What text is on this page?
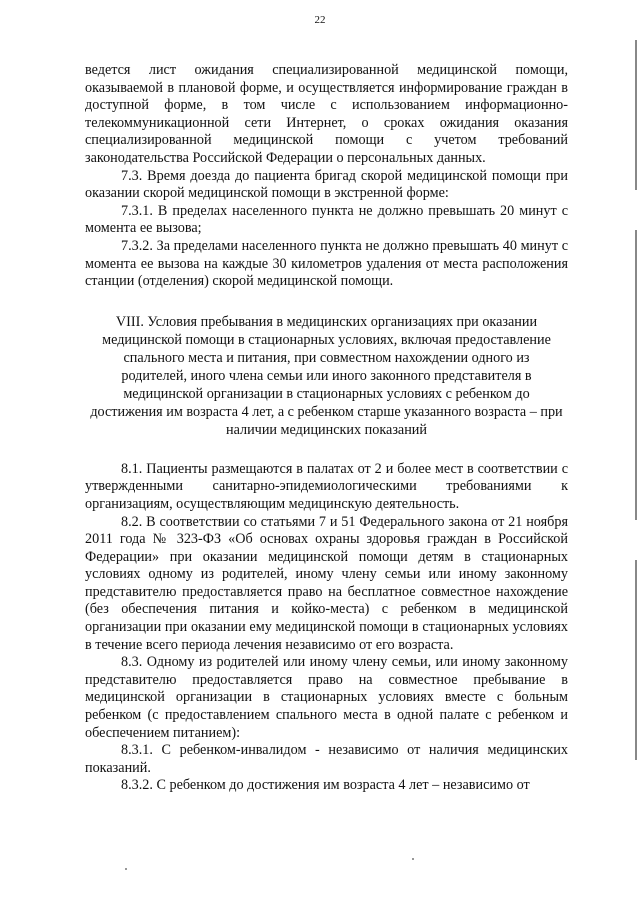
22

ведется лист ожидания специализированной медицинской помощи, оказываемой в плановой форме, и осуществляется информирование граждан в доступной форме, в том числе с использованием информационно-телекоммуникационной сети Интернет, о сроках ожидания оказания специализированной медицинской помощи с учетом требований законодательства Российской Федерации о персональных данных.

7.3. Время доезда до пациента бригад скорой медицинской помощи при оказании скорой медицинской помощи в экстренной форме:

7.3.1. В пределах населенного пункта не должно превышать 20 минут с момента ее вызова;

7.3.2. За пределами населенного пункта не должно превышать 40 минут с момента ее вызова на каждые 30 километров удаления от места расположения станции (отделения) скорой медицинской помощи.

VIII. Условия пребывания в медицинских организациях при оказании медицинской помощи в стационарных условиях, включая предоставление спального места и питания, при совместном нахождении одного из родителей, иного члена семьи или иного законного представителя в медицинской организации в стационарных условиях с ребенком до достижения им возраста 4 лет, а с ребенком старше указанного возраста – при наличии медицинских показаний

8.1. Пациенты размещаются в палатах от 2 и более мест в соответствии с утвержденными санитарно-эпидемиологическими требованиями к организациям, осуществляющим медицинскую деятельность.

8.2. В соответствии со статьями 7 и 51 Федерального закона от 21 ноября 2011 года № 323-ФЗ «Об основах охраны здоровья граждан в Российской Федерации» при оказании медицинской помощи детям в стационарных условиях одному из родителей, иному члену семьи или иному законному представителю предоставляется право на бесплатное совместное нахождение (без обеспечения питания и койко-места) с ребенком в медицинской организации при оказании ему медицинской помощи в стационарных условиях в течение всего периода лечения независимо от его возраста.

8.3. Одному из родителей или иному члену семьи, или иному законному представителю предоставляется право на совместное пребывание в медицинской организации в стационарных условиях вместе с больным ребенком (с предоставлением спального места в одной палате с ребенком и обеспечением питанием):

8.3.1. С ребенком-инвалидом - независимо от наличия медицинских показаний.

8.3.2. С ребенком до достижения им возраста 4 лет – независимо от
